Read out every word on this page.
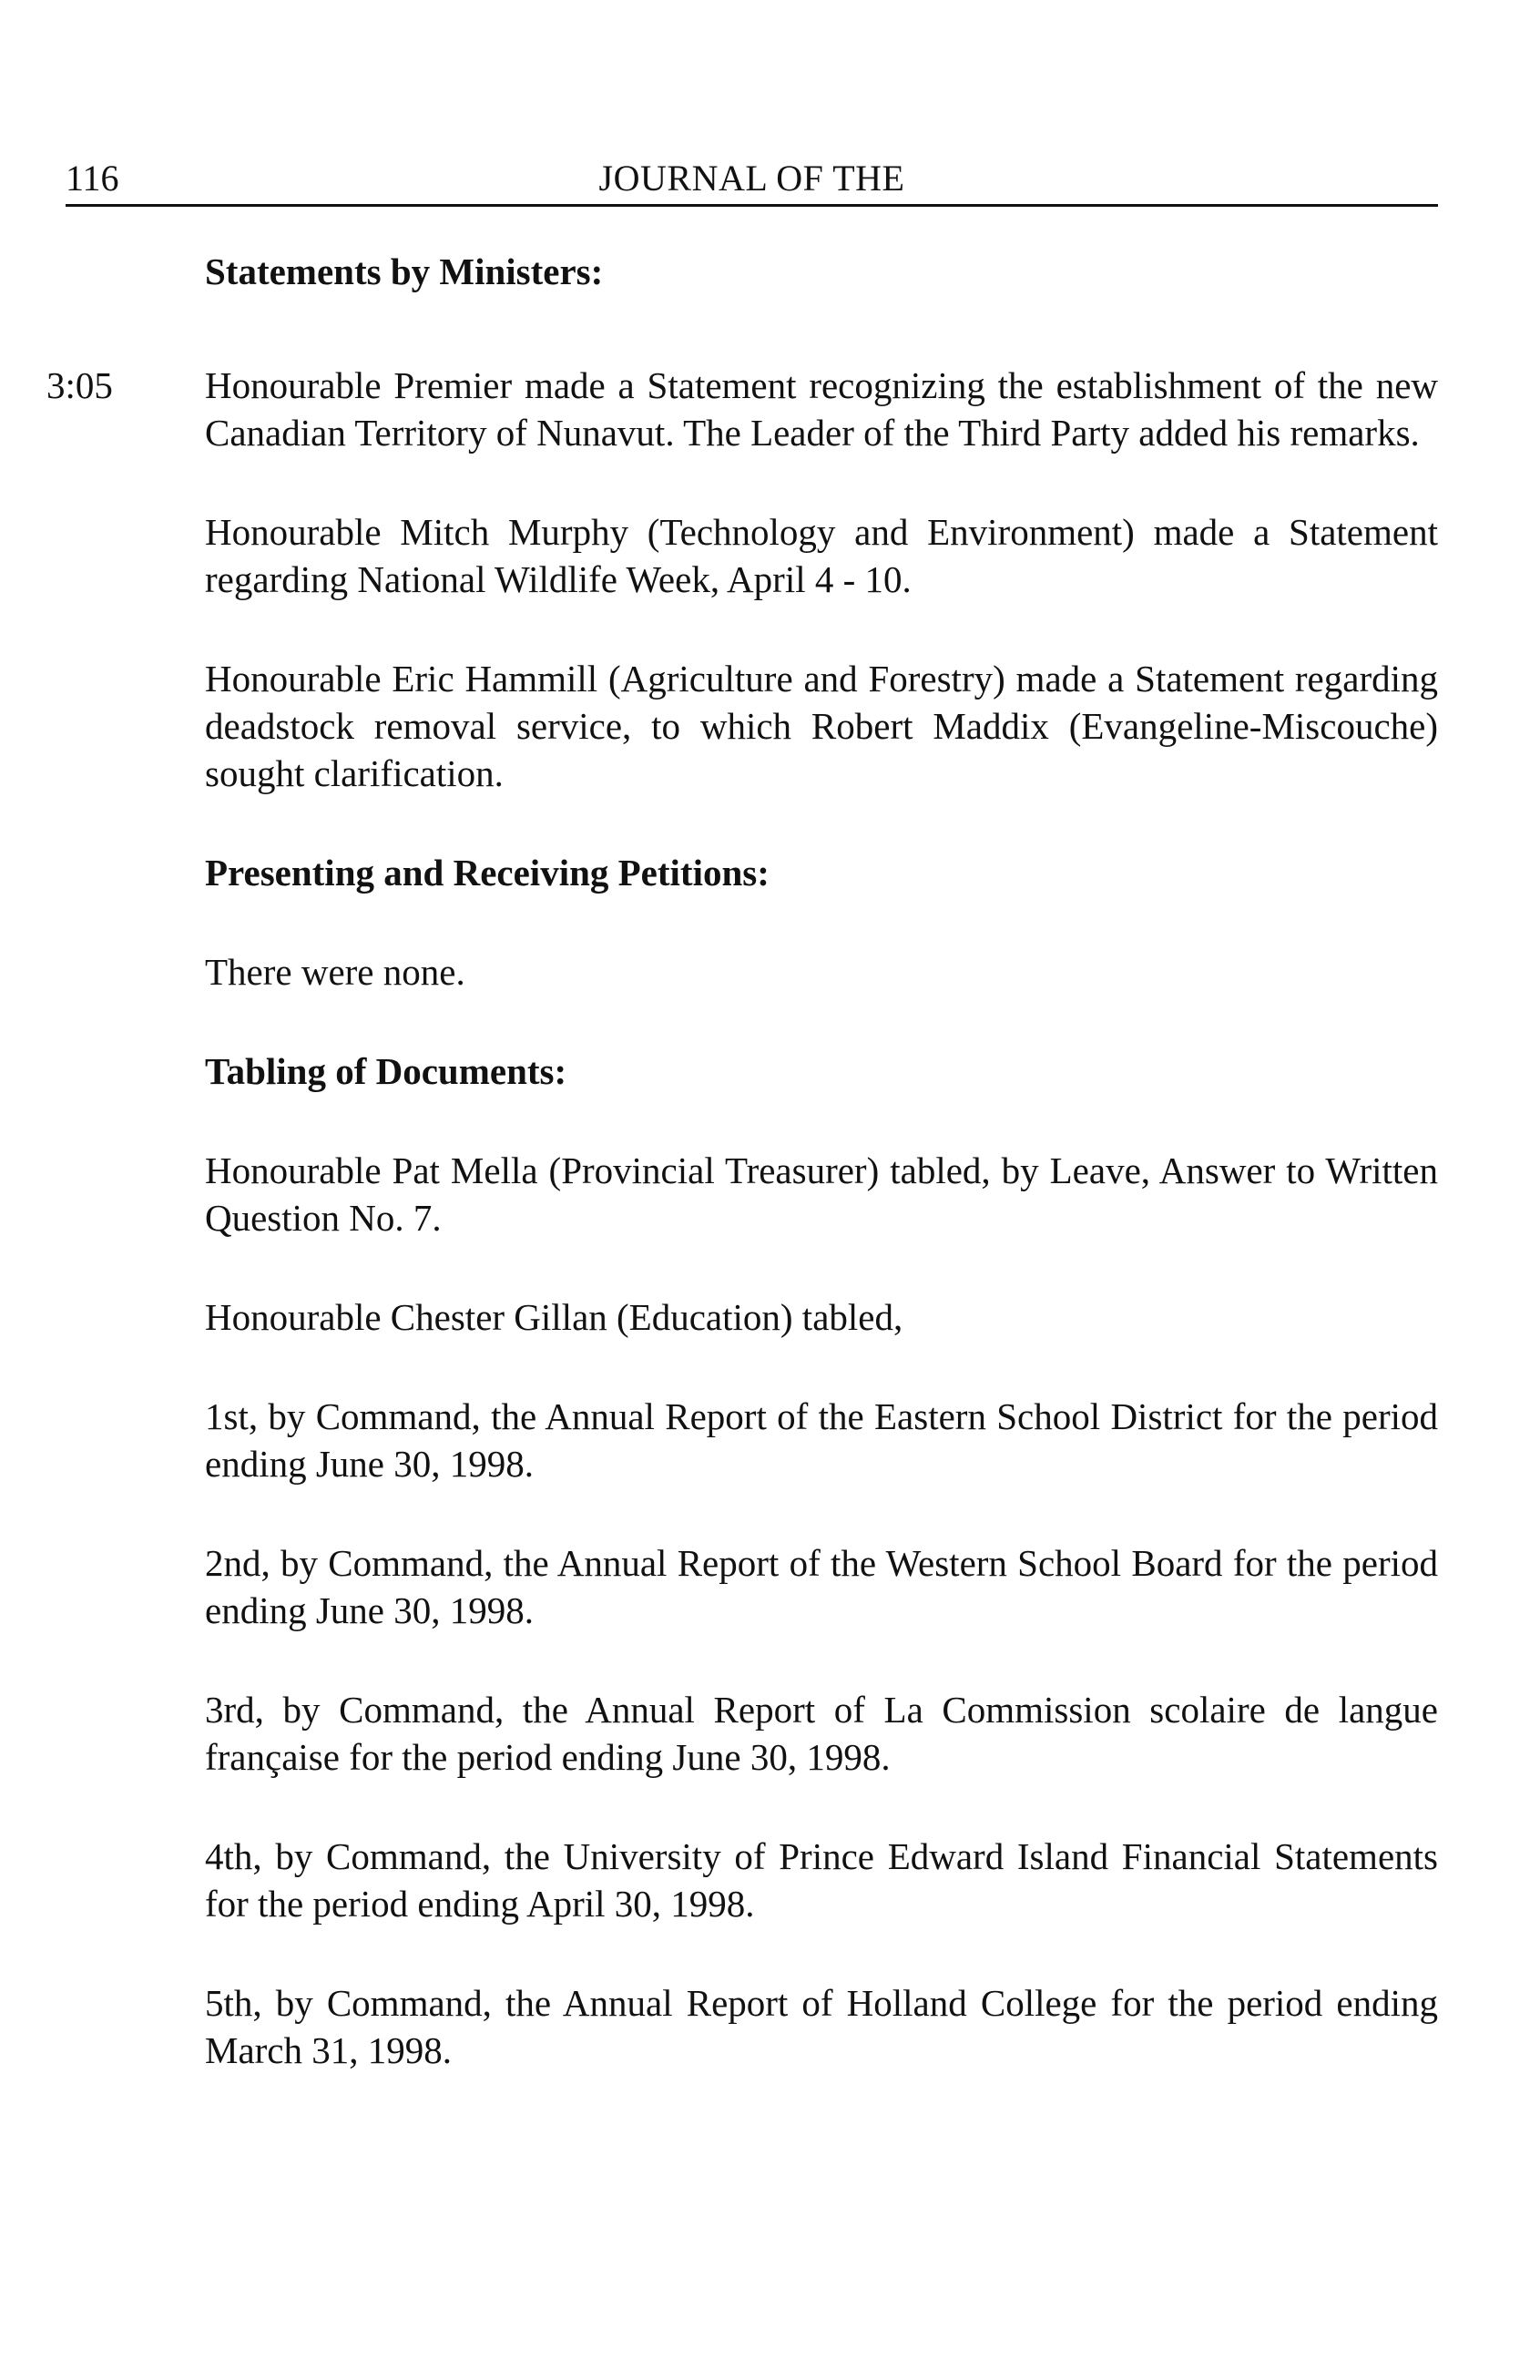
116	JOURNAL OF THE

Statements by Ministers:

3:05 Honourable Premier made a Statement recognizing the establishment of the new Canadian Territory of Nunavut. The Leader of the Third Party added his remarks.

Honourable Mitch Murphy (Technology and Environment) made a Statement regarding National Wildlife Week, April 4 - 10.

Honourable Eric Hammill (Agriculture and Forestry) made a Statement regarding deadstock removal service, to which Robert Maddix (Evangeline-Miscouche) sought clarification.

Presenting and Receiving Petitions:

There were none.

Tabling of Documents:

Honourable Pat Mella (Provincial Treasurer) tabled, by Leave, Answer to Written Question No. 7.

Honourable Chester Gillan (Education) tabled,

1st, by Command, the Annual Report of the Eastern School District for the period ending June 30, 1998.

2nd, by Command, the Annual Report of the Western School Board for the period ending June 30, 1998.

3rd, by Command, the Annual Report of La Commission scolaire de langue française for the period ending June 30, 1998.

4th, by Command, the University of Prince Edward Island Financial Statements for the period ending April 30, 1998.

5th, by Command, the Annual Report of Holland College for the period ending March 31, 1998.
